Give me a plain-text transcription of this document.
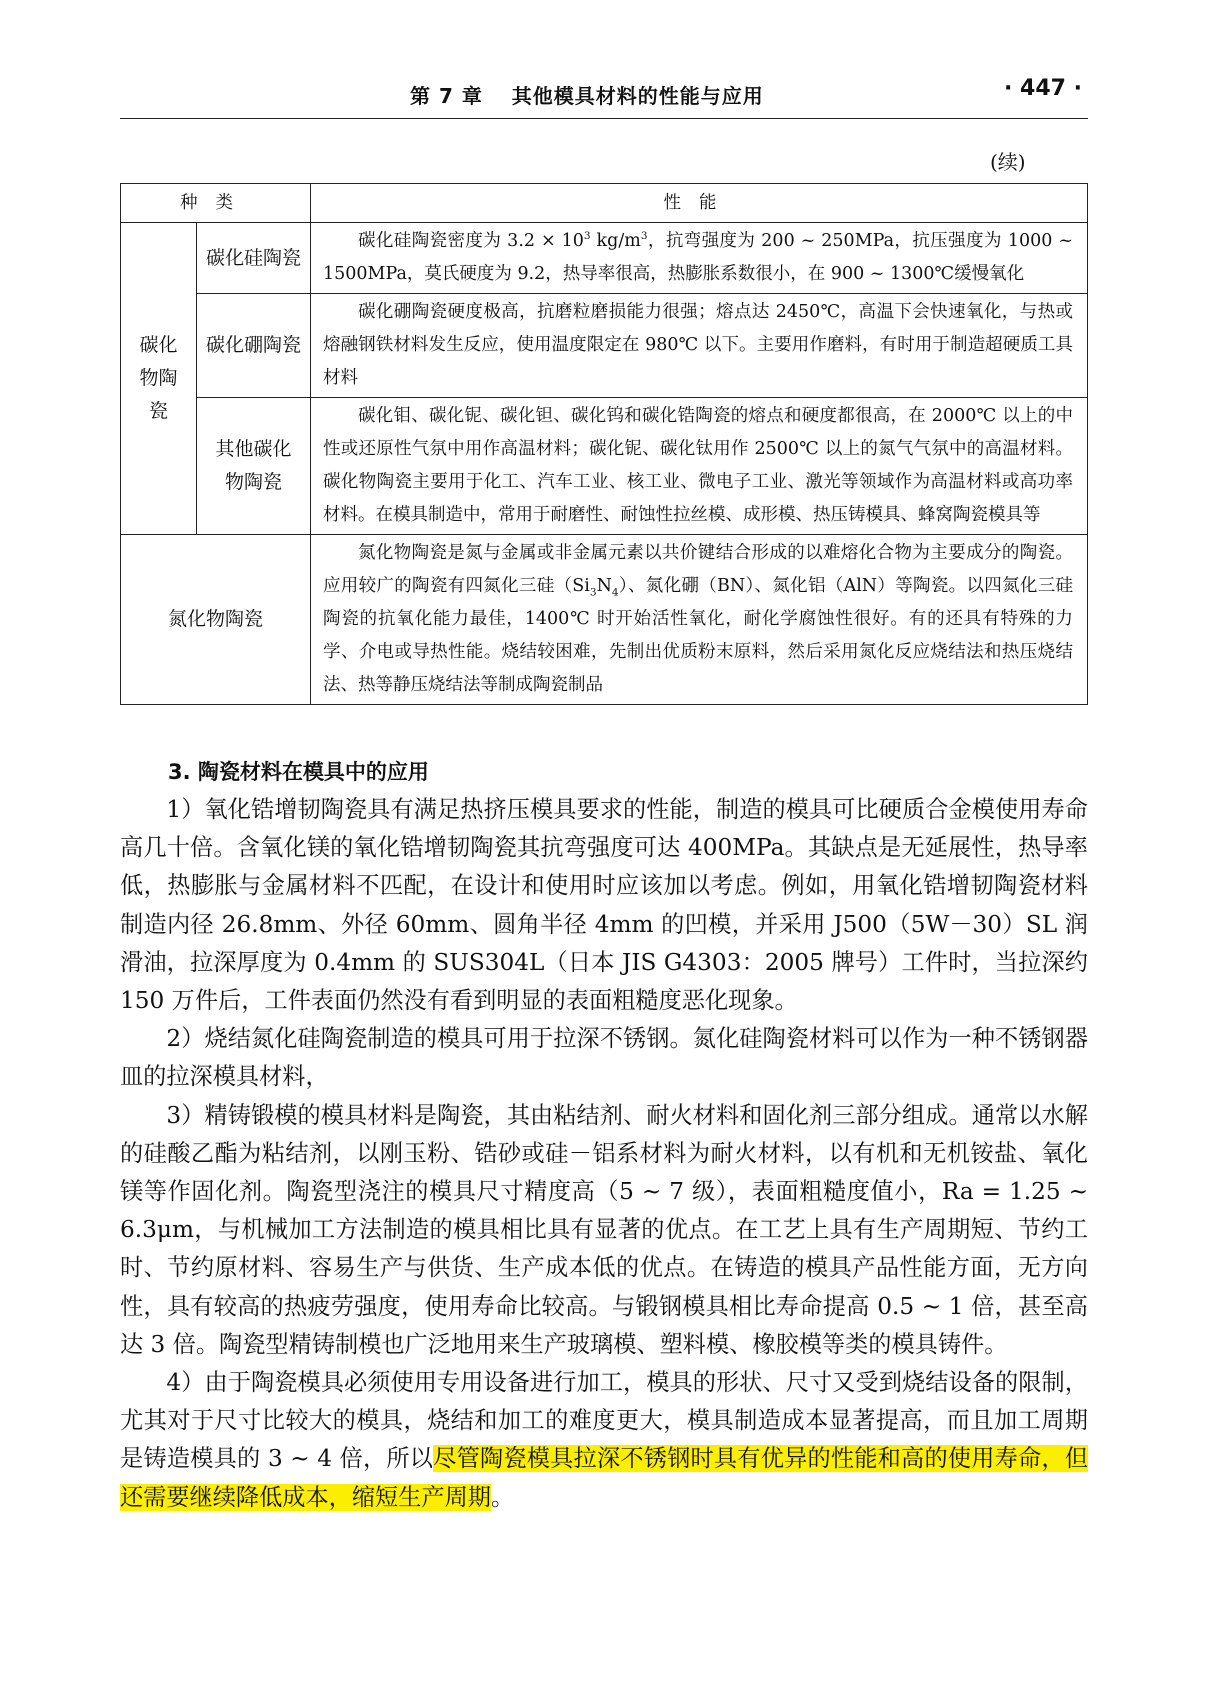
第 7 章　 其他模具材料的性能与应用	· 447 ·
(续)
种类		性能
碳化物陶瓷	碳化硅陶瓷	碳化硅陶瓷密度为 $3.2 \times 10^3$ $kg/m^3$，抗弯强度为 200 ~ 250MPa，抗压强度为 1000 ~ 1500MPa，莫氏硬度为 9.2，热导率很高，热膨胀系数很小，在 900 ~ 1300℃缓慢氧化
	碳化硼陶瓷	碳化硼陶瓷硬度极高，抗磨粒磨损能力很强；熔点达 2450℃，高温下会快速氧化，与热或熔融钢铁材料发生反应，使用温度限定在 980℃ 以下。主要用作磨料，有时用于制造超硬质工具材料
	其他碳化物陶瓷	碳化钼、碳化铌、碳化钽、碳化钨和碳化锆陶瓷的熔点和硬度都很高，在 2000℃ 以上的中性或还原性气氛中用作高温材料；碳化铌、碳化钛用作 2500℃ 以上的氮气气氛中的高温材料。碳化物陶瓷主要用于化工、汽车工业、核工业、微电子工业、激光等领域作为高温材料或高功率材料。在模具制造中，常用于耐磨性、耐蚀性拉丝模、成形模、热压铸模具、蜂窝陶瓷模具等
氮化物陶瓷		氮化物陶瓷是氮与金属或非金属元素以共价键结合形成的以难熔化合物为主要成分的陶瓷。应用较广的陶瓷有四氮化三硅$(Si_3N_4)$、氮化硼（BN）、氮化铝（AlN）等陶瓷。以四氮化三硅陶瓷的抗氧化能力最佳，1400℃ 时开始活性氧化，耐化学腐蚀性很好。有的还具有特殊的力学、介电或导热性能。烧结较困难，先制出优质粉末原料，然后采用氮化反应烧结法和热压烧结法、热等静压烧结法等制成陶瓷制品
3. 陶瓷材料在模具中的应用

1）氧化锆增韧陶瓷具有满足热挤压模具要求的性能，制造的模具可比硬质合金模使用寿命高几十倍。含氧化镁的氧化锆增韧陶瓷其抗弯强度可达 400MPa。其缺点是无延展性，热导率低，热膨胀与金属材料不匹配，在设计和使用时应该加以考虑。例如，用氧化锆增韧陶瓷材料制造内径 26.8mm、外径 60mm、圆角半径 4mm 的凹模，并采用 J500（5W－30）SL 润滑油，拉深厚度为 0.4mm 的 SUS304L（日本 JIS G4303：2005 牌号）工件时，当拉深约 150 万件后，工件表面仍然没有看到明显的表面粗糙度恶化现象。

2）烧结氮化硅陶瓷制造的模具可用于拉深不锈钢。氮化硅陶瓷材料可以作为一种不锈钢器皿的拉深模具材料，

3）精铸锻模的模具材料是陶瓷，其由粘结剂、耐火材料和固化剂三部分组成。通常以水解的硅酸乙酯为粘结剂，以刚玉粉、锆砂或硅－铝系材料为耐火材料，以有机和无机铵盐、氧化镁等作固化剂。陶瓷型浇注的模具尺寸精度高（5 ~ 7 级），表面粗糙度值小，Ra = 1.25 ~ 6.3μm，与机械加工方法制造的模具相比具有显著的优点。在工艺上具有生产周期短、节约工时、节约原材料、容易生产与供货、生产成本低的优点。在铸造的模具产品性能方面，无方向性，具有较高的热疲劳强度，使用寿命比较高。与锻钢模具相比寿命提高 0.5 ~ 1 倍，甚至高达 3 倍。陶瓷型精铸制模也广泛地用来生产玻璃模、塑料模、橡胶模等类的模具铸件。

4）由于陶瓷模具必须使用专用设备进行加工，模具的形状、尺寸又受到烧结设备的限制，尤其对于尺寸比较大的模具，烧结和加工的难度更大，模具制造成本显著提高，而且加工周期是铸造模具的 3 ~ 4 倍，所以尽管陶瓷模具拉深不锈钢时具有优异的性能和高的使用寿命，但还需要继续降低成本，缩短生产周期。
